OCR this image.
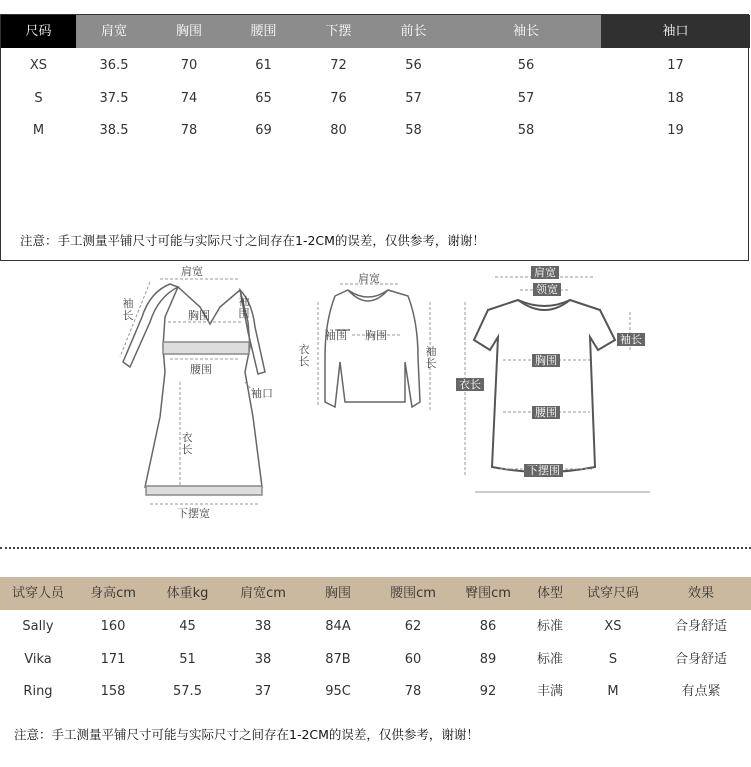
尺码	肩宽	胸围	腰围	下摆	前长	袖长	袖口
XS	36.5	70	61	72	56	56	17
S	37.5	74	65	76	57	57	18
M	38.5	78	69	80	58	58	19
注意：手工测量平铺尺寸可能与实际尺寸之间存在1-2CM的误差，仅供参考，谢谢！
肩宽
袖长	胸围
袖围
腰围
袖口
衣长
下摆宽
肩宽
袖围 胸围
衣长
袖长
肩宽
领宽
袖长
衣长
胸围
腰围
下摆围
试穿人员	身高cm	体重kg	肩宽cm	胸围	腰围cm	臀围cm	体型	试穿尺码	效果
Sally	160	45	38	84A	62	86	标准	XS	合身舒适
Vika	171	51	38	87B	60	89	标准	S	合身舒适
Ring	158	57.5	37	95C	78	92	丰满	M	有点紧
注意：手工测量平铺尺寸可能与实际尺寸之间存在1-2CM的误差，仅供参考，谢谢！
